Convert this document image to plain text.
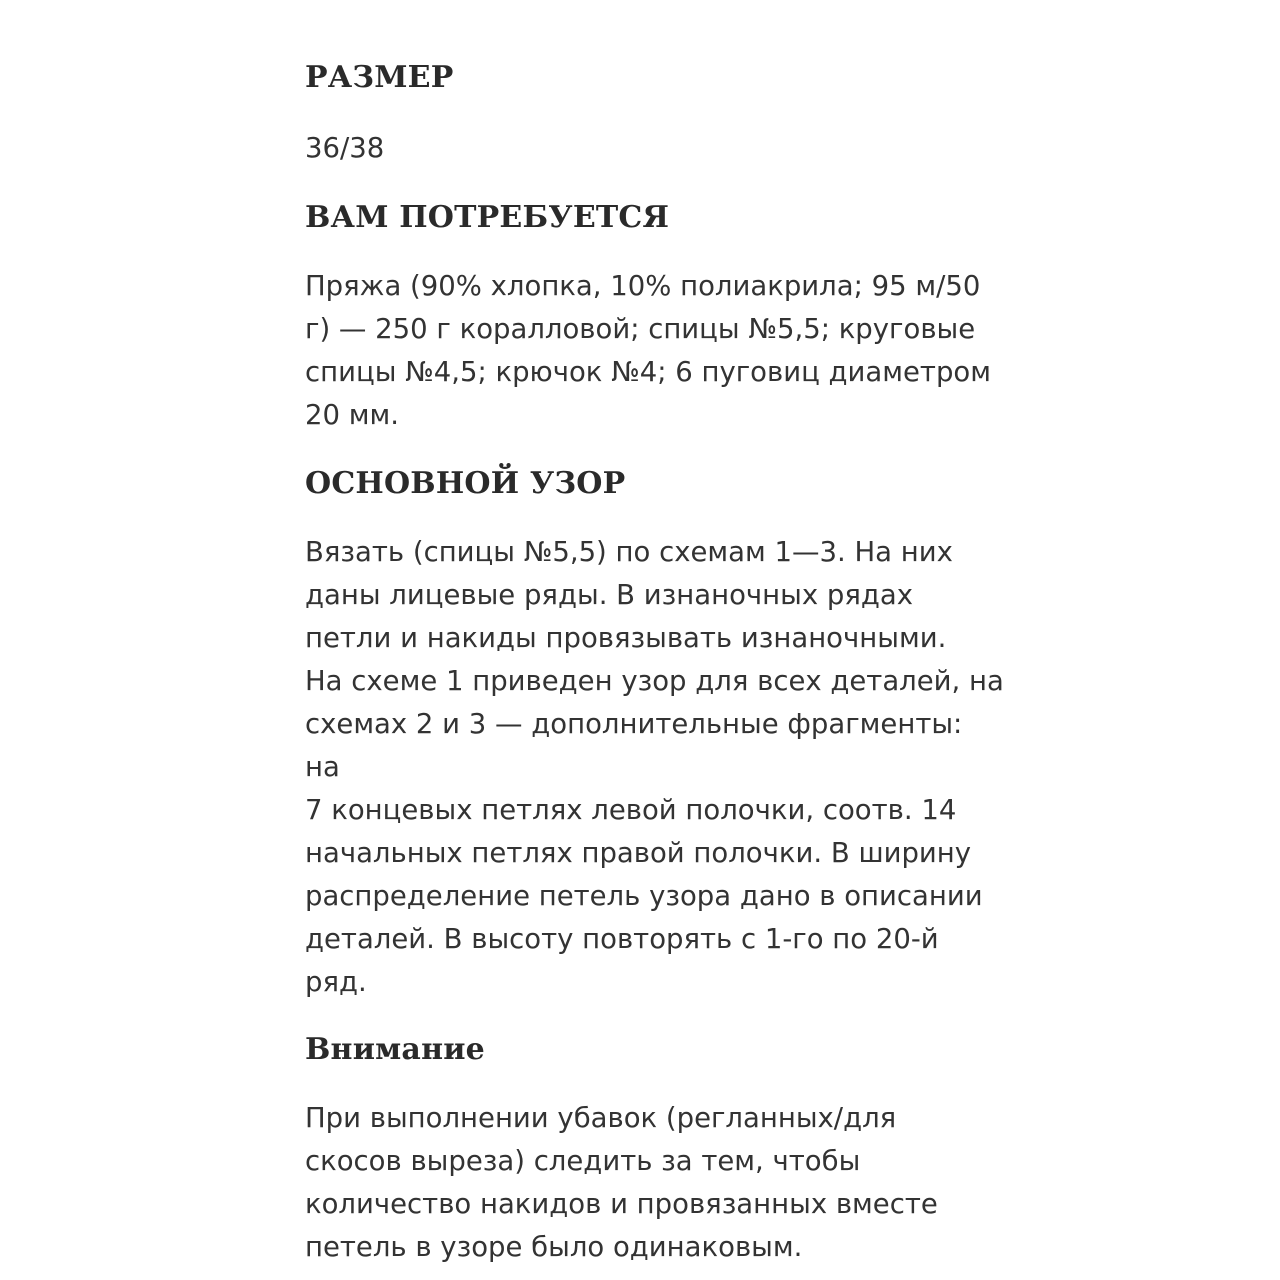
РАЗМЕР

36/38

ВАМ ПОТРЕБУЕТСЯ

Пряжа (90% хлопка, 10% полиакрила; 95 м/50
г) — 250 г коралловой; спицы №5,5; круговые
спицы №4,5; крючок №4; 6 пуговиц диаметром
20 мм.

ОСНОВНОЙ УЗОР

Вязать (спицы №5,5) по схемам 1—3. На них
даны лицевые ряды. В изнаночных рядах
петли и накиды провязывать изнаночными.
На схеме 1 приведен узор для всех деталей, на
схемах 2 и 3 — дополнительные фрагменты: на
7 концевых петлях левой полочки, соотв. 14
начальных петлях правой полочки. В ширину
распределение петель узора дано в описании
деталей. В высоту повторять с 1-го по 20-й
ряд.

Внимание

При выполнении убавок (регланных/для
скосов выреза) следить за тем, чтобы
количество накидов и провязанных вместе
петель в узоре было одинаковым.
